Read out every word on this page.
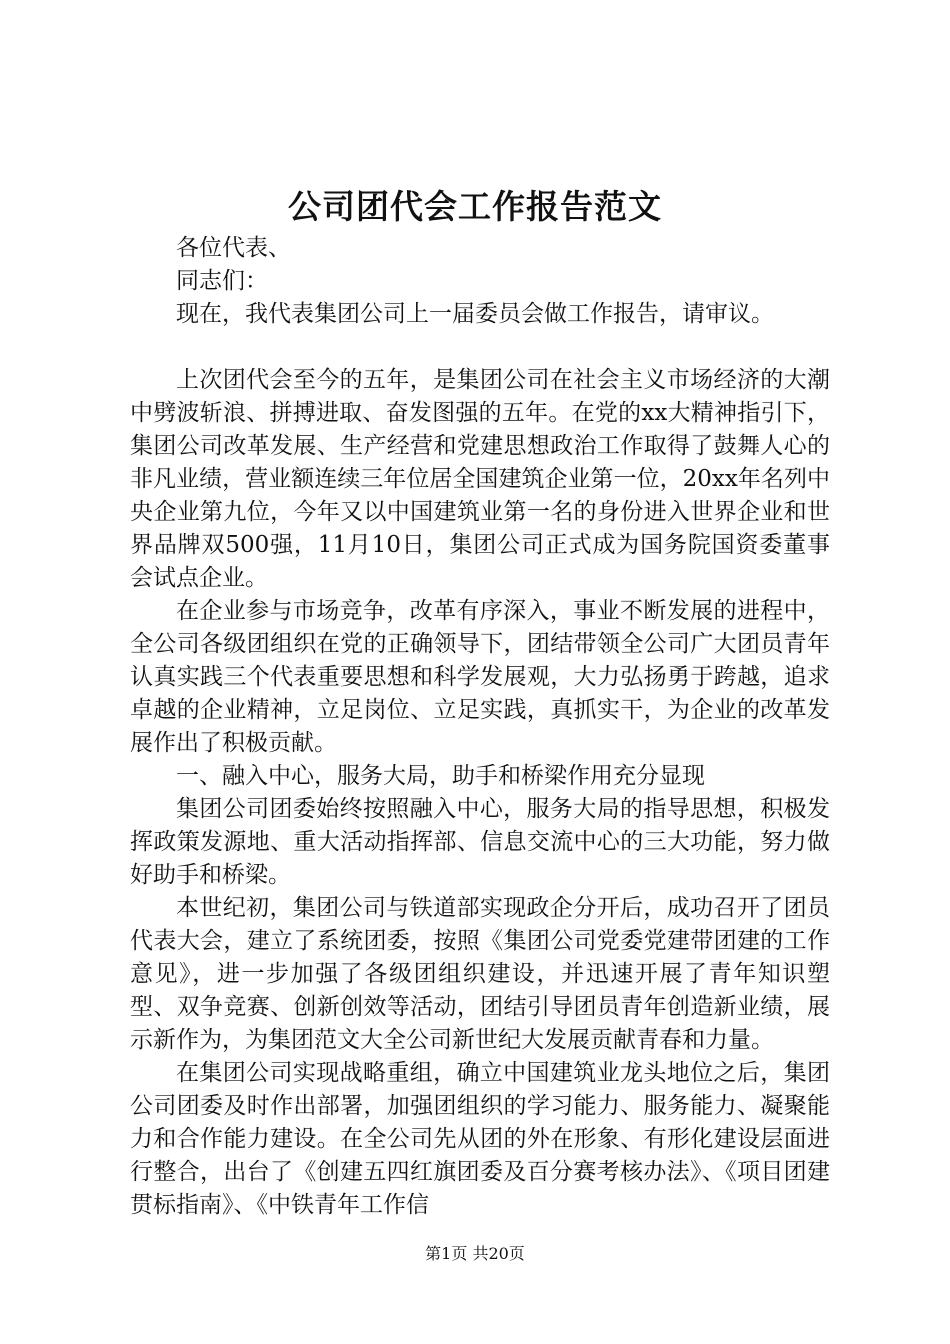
公司团代会工作报告范文

各位代表、

同志们：

现在，我代表集团公司上一届委员会做工作报告，请审议。

上次团代会至今的五年，是集团公司在社会主义市场经济的大潮中劈波斩浪、拼搏进取、奋发图强的五年。在党的xx大精神指引下，集团公司改革发展、生产经营和党建思想政治工作取得了鼓舞人心的非凡业绩，营业额连续三年位居全国建筑企业第一位，20xx年名列中央企业第九位，今年又以中国建筑业第一名的身份进入世界企业和世界品牌双500强，11月10日，集团公司正式成为国务院国资委董事会试点企业。

在企业参与市场竞争，改革有序深入，事业不断发展的进程中，全公司各级团组织在党的正确领导下，团结带领全公司广大团员青年认真实践三个代表重要思想和科学发展观，大力弘扬勇于跨越，追求卓越的企业精神，立足岗位、立足实践，真抓实干，为企业的改革发展作出了积极贡献。

一、融入中心，服务大局，助手和桥梁作用充分显现

集团公司团委始终按照融入中心，服务大局的指导思想，积极发挥政策发源地、重大活动指挥部、信息交流中心的三大功能，努力做好助手和桥梁。

本世纪初，集团公司与铁道部实现政企分开后，成功召开了团员代表大会，建立了系统团委，按照《集团公司党委党建带团建的工作意见》，进一步加强了各级团组织建设，并迅速开展了青年知识塑型、双争竞赛、创新创效等活动，团结引导团员青年创造新业绩，展示新作为，为集团范文大全公司新世纪大发展贡献青春和力量。

在集团公司实现战略重组，确立中国建筑业龙头地位之后，集团公司团委及时作出部署，加强团组织的学习能力、服务能力、凝聚能力和合作能力建设。在全公司先从团的外在形象、有形化建设层面进行整合，出台了《创建五四红旗团委及百分赛考核办法》、《项目团建贯标指南》、《中铁青年工作信

第1页 共20页
